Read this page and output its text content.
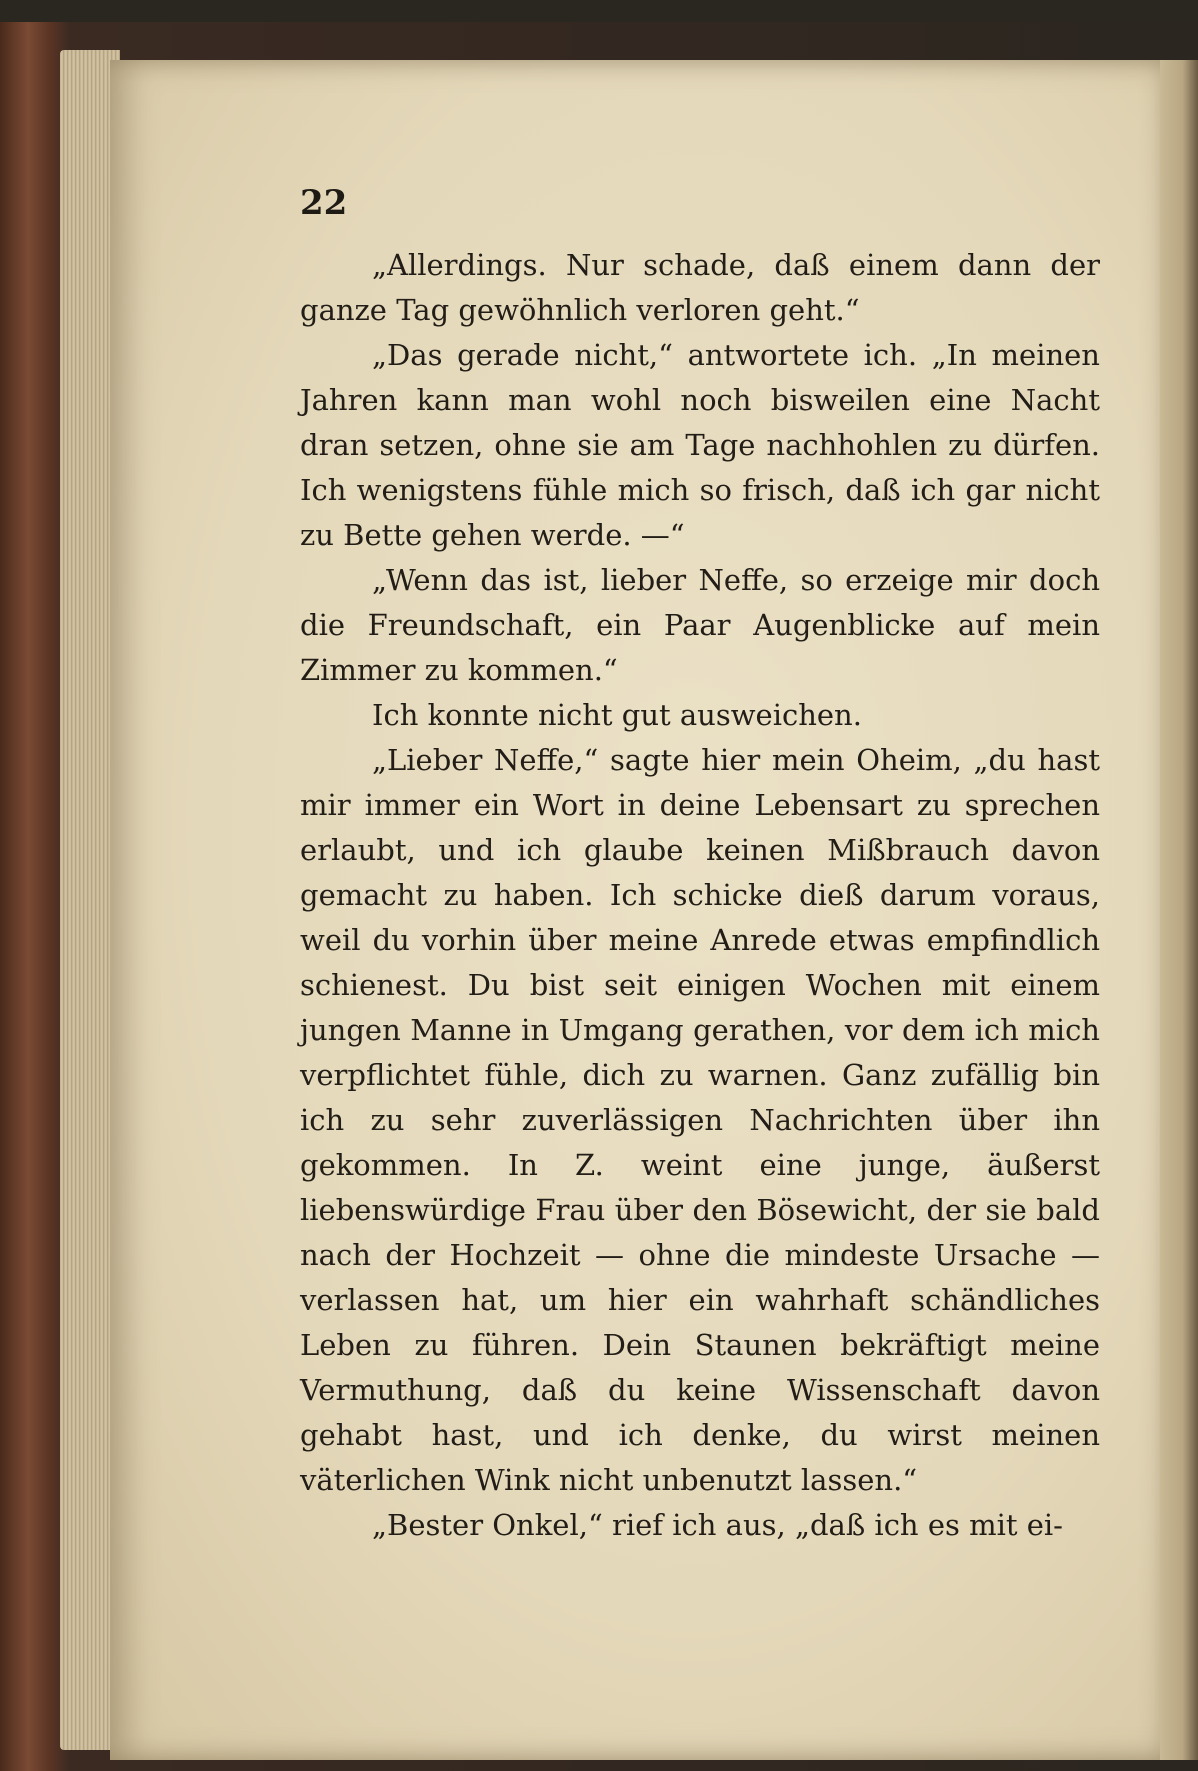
22

„Allerdings. Nur schade, daß einem dann der ganze Tag gewöhnlich verloren geht.“

„Das gerade nicht,“ antwortete ich. „In meinen Jahren kann man wohl noch bisweilen eine Nacht dran setzen, ohne sie am Tage nachhohlen zu dürfen. Ich wenigstens fühle mich so frisch, daß ich gar nicht zu Bette gehen werde. —“

„Wenn das ist, lieber Neffe, so erzeige mir doch die Freundschaft, ein Paar Augenblicke auf mein Zimmer zu kommen.“

Ich konnte nicht gut ausweichen.

„Lieber Neffe,“ sagte hier mein Oheim, „du hast mir immer ein Wort in deine Lebensart zu sprechen erlaubt, und ich glaube keinen Mißbrauch davon gemacht zu haben. Ich schicke dieß darum voraus, weil du vorhin über meine Anrede etwas empfindlich schienest. Du bist seit einigen Wochen mit einem jungen Manne in Umgang gerathen, vor dem ich mich verpflichtet fühle, dich zu warnen. Ganz zufällig bin ich zu sehr zuverlässigen Nachrichten über ihn gekommen. In Z. weint eine junge, äußerst liebenswürdige Frau über den Bösewicht, der sie bald nach der Hochzeit — ohne die mindeste Ursache — verlassen hat, um hier ein wahrhaft schändliches Leben zu führen. Dein Staunen bekräftigt meine Vermuthung, daß du keine Wissenschaft davon gehabt hast, und ich denke, du wirst meinen väterlichen Wink nicht unbenutzt lassen.“

„Bester Onkel,“ rief ich aus, „daß ich es mit ei-
